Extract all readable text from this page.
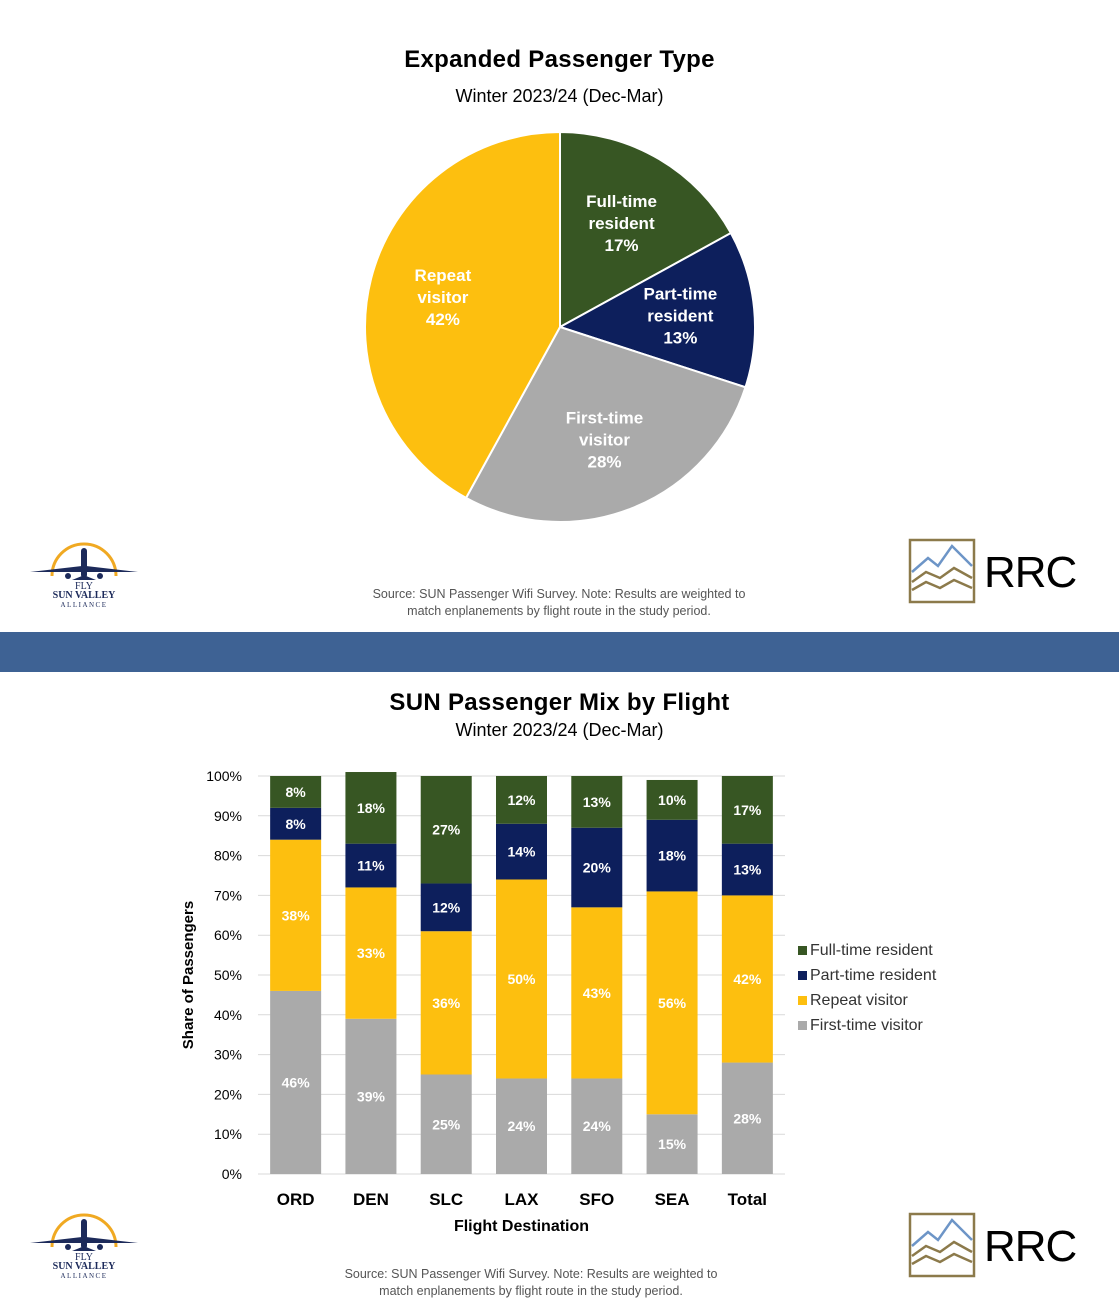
Expanded Passenger Type
Winter 2023/24 (Dec-Mar)
Full-time
resident
17%
Part-time
resident
13%
First-time
visitor
28%
Repeat
visitor
42%
FLY
SUN VALLEY
ALLIANCE
Source: SUN Passenger Wifi Survey. Note: Results are weighted to
match enplanements by flight route in the study period.
RRC
SUN Passenger Mix by Flight
Winter 2023/24 (Dec-Mar)
0%
10%
20%
30%
40%
50%
60%
70%
80%
90%
100%
Share of Passengers
46%
38%
8%
8%
ORD
39%
33%
11%
18%
DEN
25%
36%
12%
27%
SLC
24%
50%
14%
12%
LAX
24%
43%
20%
13%
SFO
15%
56%
18%
10%
SEA
28%
42%
13%
17%
Total
Flight Destination
Full-time resident
Part-time resident
Repeat visitor
First-time visitor
FLY
SUN VALLEY
ALLIANCE	Source: SUN Passenger Wifi Survey. Note: Results are weighted to
match enplanements by flight route in the study period.
RRC
